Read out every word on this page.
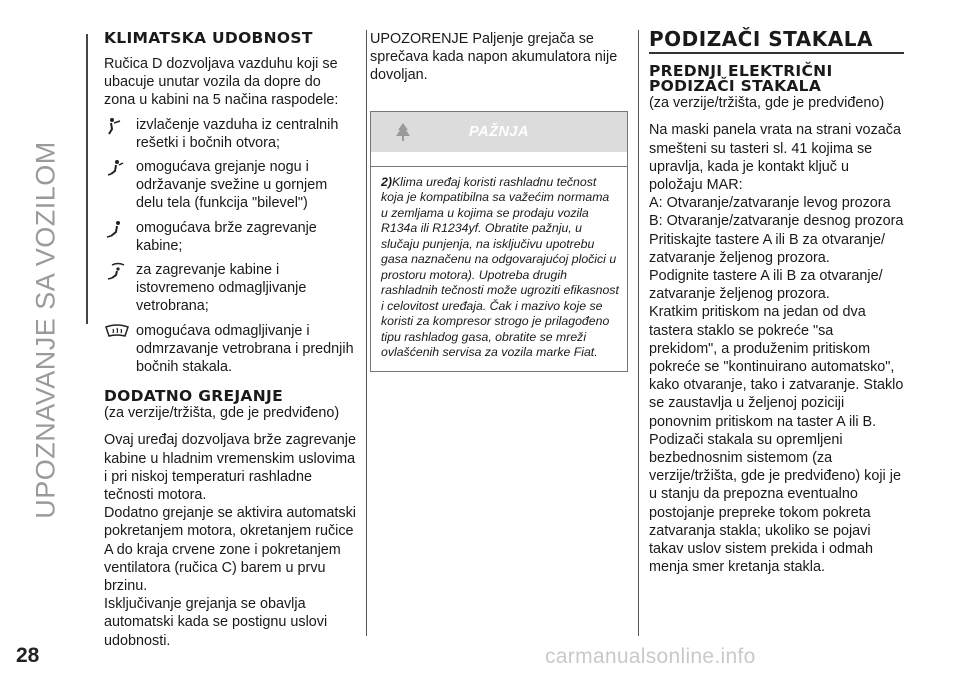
UPOZNAVANJE SA VOZILOM
28	carmanualsonline.info
KLIMATSKA UDOBNOST

Ručica D dozvoljava vazduhu koji se ubacuje unutar vozila da dopre do zona u kabini na 5 načina raspodele:

izvlačenje vazduha iz centralnih rešetki i bočnih otvora;
omogućava grejanje nogu i održavanje svežine u gornjem delu tela (funkcija "bilevel")
omogućava brže zagrevanje kabine;
za zagrevanje kabine i istovremeno odmagljivanje vetrobrana;
omogućava odmagljivanje i odmrzavanje vetrobrana i prednjih bočnih stakala.
DODATNO GREJANJE

(za verzije/tržišta, gde je predviđeno)

Ovaj uređaj dozvoljava brže zagrevanje kabine u hladnim vremenskim uslovima i pri niskoj temperaturi rashladne tečnosti motora.

Dodatno grejanje se aktivira automatski pokretanjem motora, okretanjem ručice A do kraja crvene zone i pokretanjem ventilatora (ručica C) barem u prvu brzinu.

Isključivanje grejanja se obavlja automatski kada se postignu uslovi udobnosti.

UPOZORENJE Paljenje grejača se sprečava kada napon akumulatora nije dovoljan.

PAŽNJA
2)Klima uređaj koristi rashladnu tečnost koja je kompatibilna sa važećim normama u zemljama u kojima se prodaju vozila R134a ili R1234yf. Obratite pažnju, u slučaju punjenja, na isključivu upotrebu gasa naznačenu na odgovarajućoj pločici u prostoru motora). Upotreba drugih rashladnih tečnosti može ugroziti efikasnost i celovitost uređaja. Čak i mazivo koje se koristi za kompresor strogo je prilagođeno tipu rashladog gasa, obratite se mreži ovlašćenih servisa za vozila marke Fiat.
PODIZAČI STAKALA
PREDNJI ELEKTRIČNI
PODIZAČI STAKALA

(za verzije/tržišta, gde je predviđeno)

Na maski panela vrata na strani vozača smešteni su tasteri sl. 41 kojima se upravlja, kada je kontakt ključ u položaju MAR:

A: Otvaranje/zatvaranje levog prozora

B: Otvaranje/zatvaranje desnog prozora

Pritiskajte tastere A ili B za otvaranje/ zatvaranje željenog prozora.

Podignite tastere A ili B za otvaranje/ zatvaranje željenog prozora.

Kratkim pritiskom na jedan od dva tastera staklo se pokreće "sa prekidom", a produženim pritiskom pokreće se "kontinuirano automatsko", kako otvaranje, tako i zatvaranje. Staklo se zaustavlja u željenoj poziciji ponovnim pritiskom na taster A ili B.

Podizači stakala su opremljeni bezbednosnim sistemom (za verzije/tržišta, gde je predviđeno) koji je u stanju da prepozna eventualno postojanje prepreke tokom pokreta zatvaranja stakla; ukoliko se pojavi takav uslov sistem prekida i odmah menja smer kretanja stakla.
